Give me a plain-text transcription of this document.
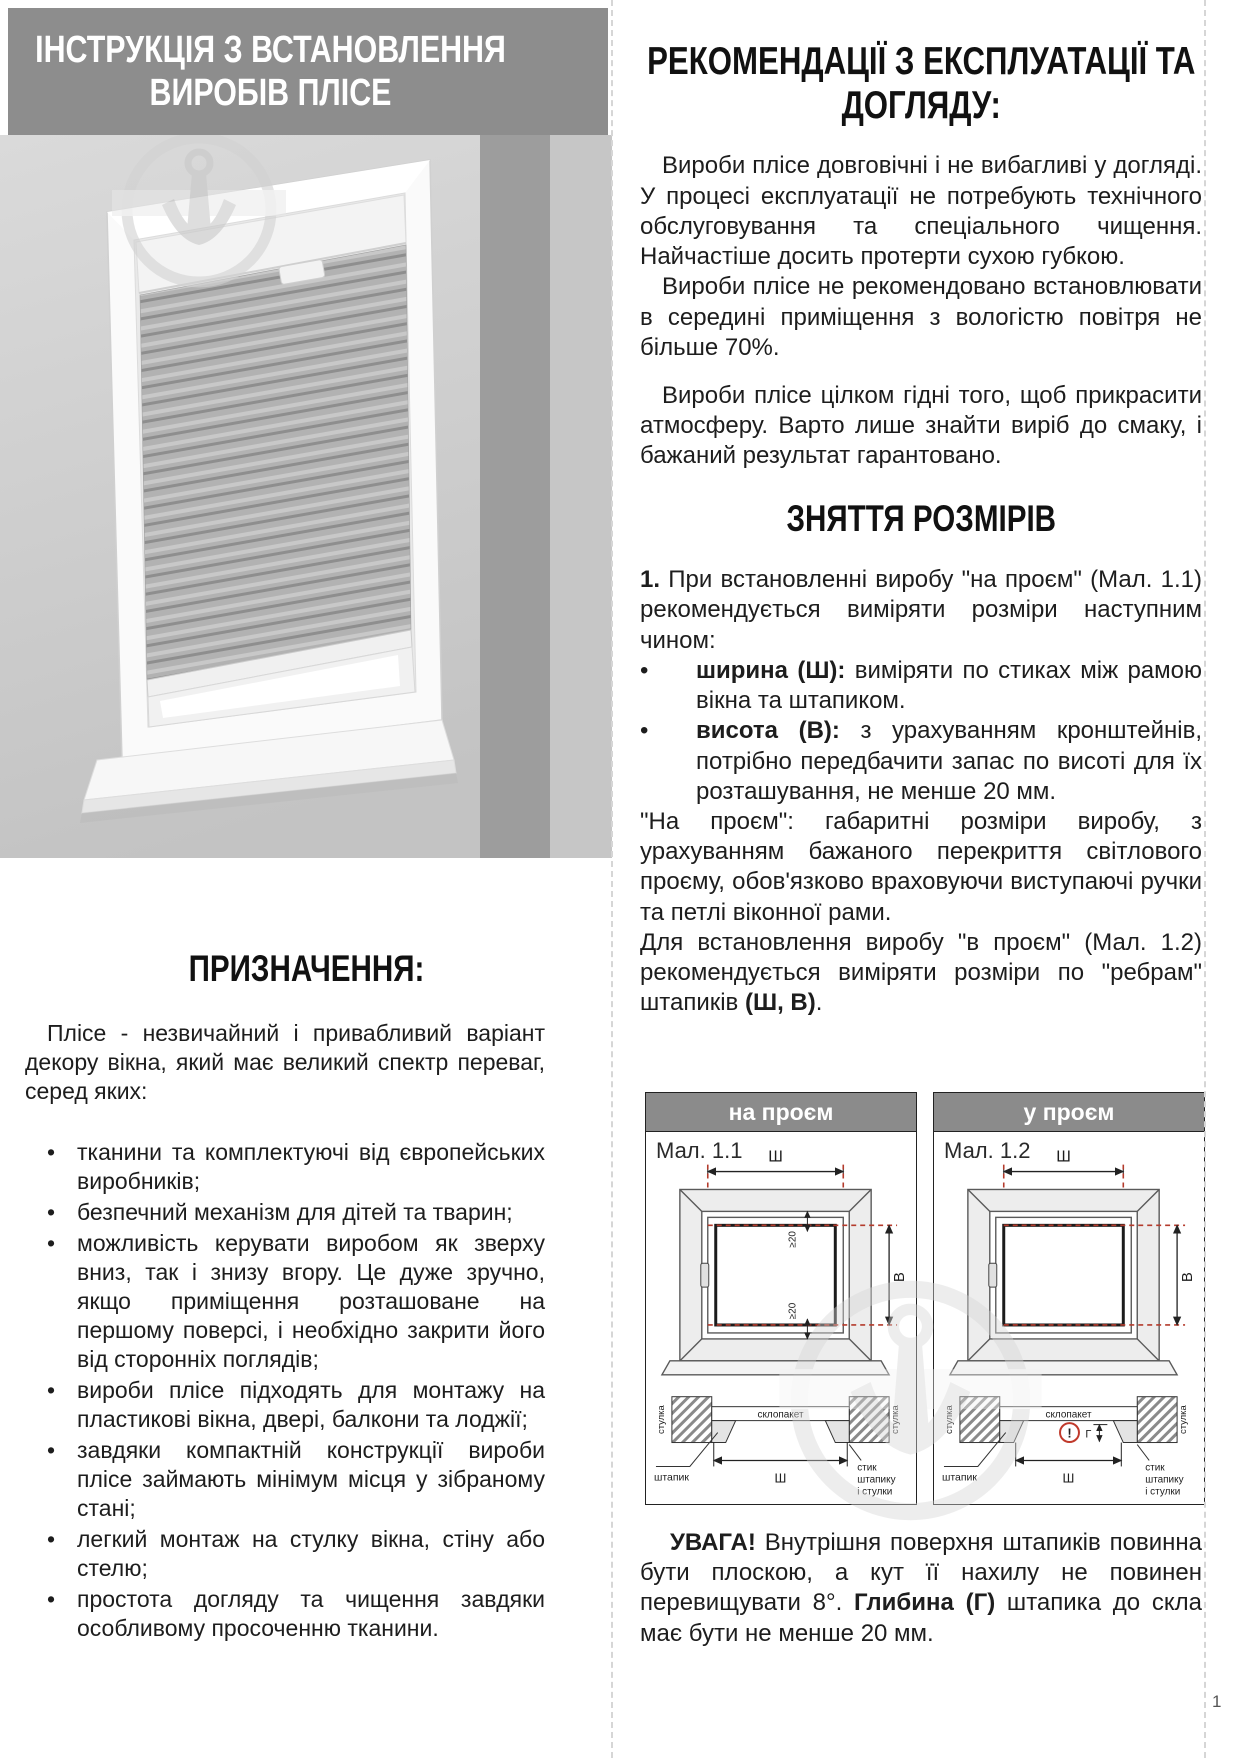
ІНСТРУКЦІЯ З ВСТАНОВЛЕННЯ ВИРОБІВ ПЛІСЕ
ПРИЗНАЧЕННЯ:

Плісе - незвичайний і привабливий варіант декору вікна, який має великий спектр переваг, серед яких:

• тканини та комплектуючі від європейських виробників;
• безпечний механізм для дітей та тварин;
• можливість керувати виробом як зверху вниз, так і знизу вгору. Це дуже зручно, якщо приміщення розташоване на першому поверсі, і необхідно закрити його від сторонніх поглядів;
• вироби плісе підходять для монтажу на пластикові вікна, двері, балкони та лоджії;
• завдяки компактній конструкції вироби плісе займають мінімум місця у зібраному стані;
• легкий монтаж на стулку вікна, стіну або стелю;
• простота догляду та чищення завдяки особливому просоченню тканини.
РЕКОМЕНДАЦІЇ З ЕКСПЛУАТАЦІЇ ТА ДОГЛЯДУ:

Вироби плісе довговічні і не вибагливі у догляді. У процесі експлуатації не потребують технічного обслуговування та спеціального чищення. Найчастіше досить протерти сухою губкою.

Вироби плісе не рекомендовано встановлювати в середині приміщення з вологістю повітря не більше 70%.

Вироби плісе цілком гідні того, щоб прикрасити атмосферу. Варто лише знайти виріб до смаку, і бажаний результат гарантовано.

ЗНЯТТЯ РОЗМІРІВ

1. При встановленні виробу "на проєм" (Мал. 1.1) рекомендується виміряти розміри наступним чином:

•	ширина (Ш): виміряти по стиках між рамою вікна та штапиком.
•	висота (В): з урахуванням кронштейнів, потрібно передбачити запас по висоті для їх розташування, не менше 20 мм.

"На проєм": габаритні розміри виробу, з урахуванням бажаного перекриття світлового проєму, обов'язково враховуючи виступаючі ручки та петлі віконної рами.

Для встановлення виробу "в проєм" (Мал. 1.2) рекомендується виміряти розміри по "ребрам" штапиків (Ш, В).

на проєм
Мал. 1.1 Ш
В
≥20
≥20
стулка	стулка
склопакет
штапик	Ш
стик
штапику
і стулки
у проєм
Мал. 1.2 Ш
В
стулка	стулка
склопакет
штапик
! Г
Ш
стик
штапику
і стулки

УВАГА! Внутрішня поверхня штапиків повинна бути плоскою, а кут її нахилу не повинен перевищувати 8°. Глибина (Г) штапика до скла має бути не менше 20 мм.

1
